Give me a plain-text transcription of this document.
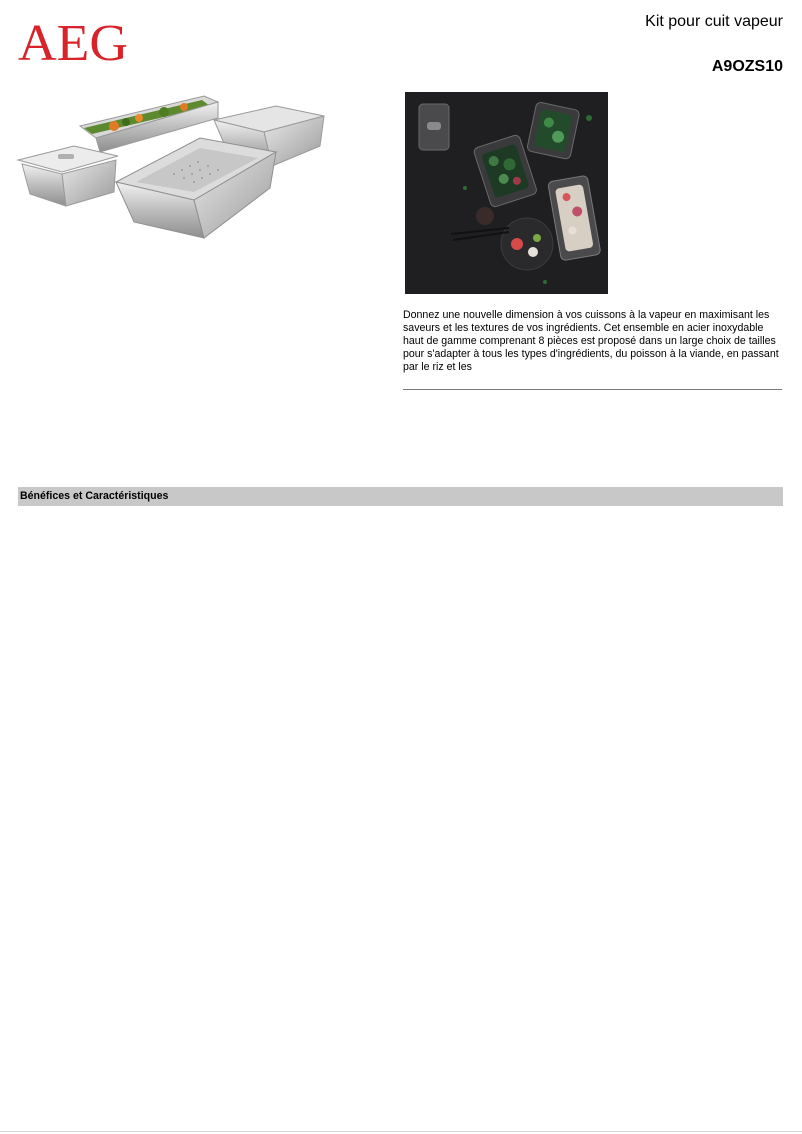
AEG	Kit pour cuit vapeur
A9OZS10

Donnez une nouvelle dimension à vos cuissons à la vapeur en maximisant les saveurs et les textures de vos ingrédients. Cet ensemble en acier inoxydable haut de gamme comprenant 8 pièces est proposé dans un large choix de tailles pour s'adapter à tous les types d'ingrédients, du poisson à la viande, en passant par le riz et les

Bénéfices et Caractéristiques
